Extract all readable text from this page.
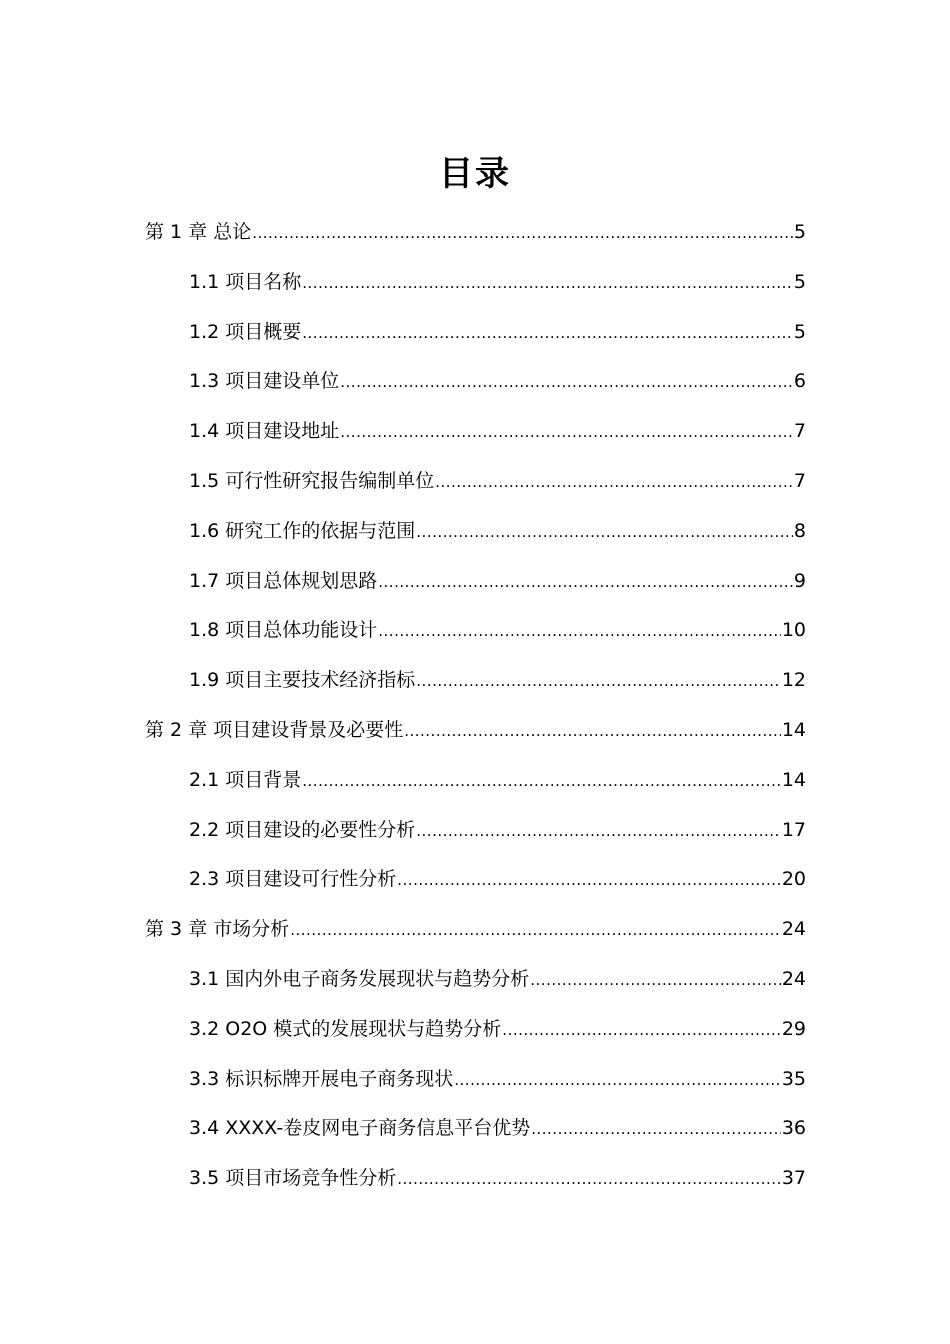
目录
第 1 章 总论 .....	5
1.1 项目名称 .....	5
1.2 项目概要 .....	5
1.3 项目建设单位 .....	6
1.4 项目建设地址 .....	7
1.5 可行性研究报告编制单位 .....	7
1.6 研究工作的依据与范围 .....	8
1.7 项目总体规划思路 .....	9
1.8 项目总体功能设计 .....	10
1.9 项目主要技术经济指标 .....	12
第 2 章 项目建设背景及必要性 .....	14
2.1 项目背景 .....	14
2.2 项目建设的必要性分析 .....	17
2.3 项目建设可行性分析 .....	20
第 3 章 市场分析 .....	24
3.1 国内外电子商务发展现状与趋势分析 .....	24
3.2 O2O 模式的发展现状与趋势分析 .....	29
3.3 标识标牌开展电子商务现状 .....	35
3.4 XXXX-卷皮网电子商务信息平台优势 .....	36
3.5 项目市场竞争性分析 .....	37
